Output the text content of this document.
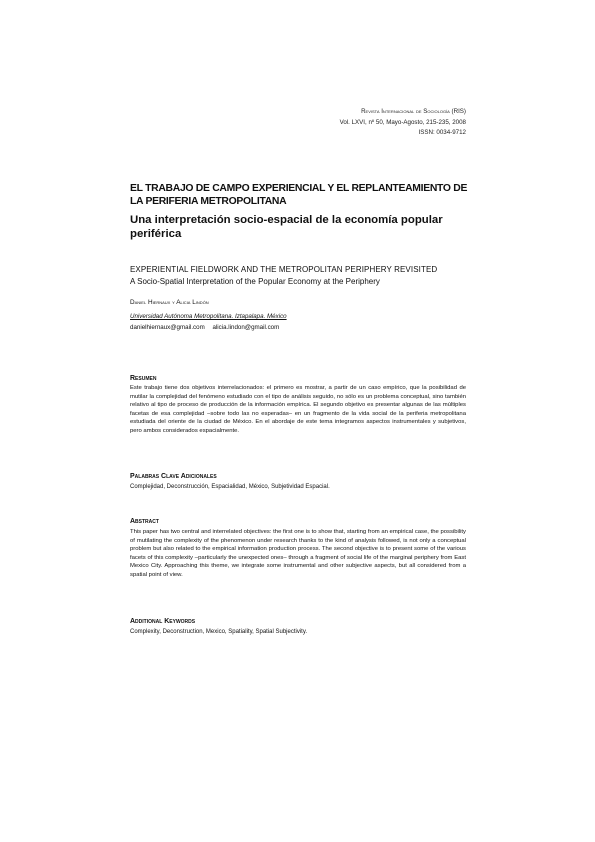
Revista Internacional de Sociología (RIS)
Vol. LXVI, nº 50, Mayo-Agosto, 215-235, 2008
ISSN: 0034-9712
EL TRABAJO DE CAMPO EXPERIENCIAL Y EL REPLANTEAMIENTO DE LA PERIFERIA METROPOLITANA
Una interpretación socio-espacial de la economía popular periférica
EXPERIENTIAL FIELDWORK AND THE METROPOLITAN PERIPHERY REVISITED
A Socio-Spatial Interpretation of the Popular Economy at the Periphery
Daniel Hiernaux y Alicia Lindón
Universidad Autónoma Metropolitana. Iztapalapa. México
danielhiernaux@gmail.com alicia.lindon@gmail.com
Resumen
Este trabajo tiene dos objetivos interrelacionados: el primero es mostrar, a partir de un caso empírico, que la posibilidad de mutilar la complejidad del fenómeno estudiado con el tipo de análisis seguido, no sólo es un problema conceptual, sino también relativo al tipo de proceso de producción de la información empírica. El segundo objetivo es presentar algunas de las múltiples facetas de esa complejidad –sobre todo las no esperadas– en un fragmento de la vida social de la periferia metropolitana estudiada del oriente de la ciudad de México. En el abordaje de este tema integramos aspectos instrumentales y subjetivos, pero ambos considerados espacialmente.
Palabras Clave Adicionales
Complejidad, Deconstrucción, Espacialidad, México, Subjetividad Espacial.
Abstract
This paper has two central and interrelated objectives: the first one is to show that, starting from an empirical case, the possibility of mutilating the complexity of the phenomenon under research thanks to the kind of analysis followed, is not only a conceptual problem but also related to the empirical information production process. The second objective is to present some of the various facets of this complexity –particularly the unexpected ones– through a fragment of social life of the marginal periphery from East Mexico City. Approaching this theme, we integrate some instrumental and other subjective aspects, but all considered from a spatial point of view.
Additional Keywords
Complexity, Deconstruction, Mexico, Spatiality, Spatial Subjectivity.
